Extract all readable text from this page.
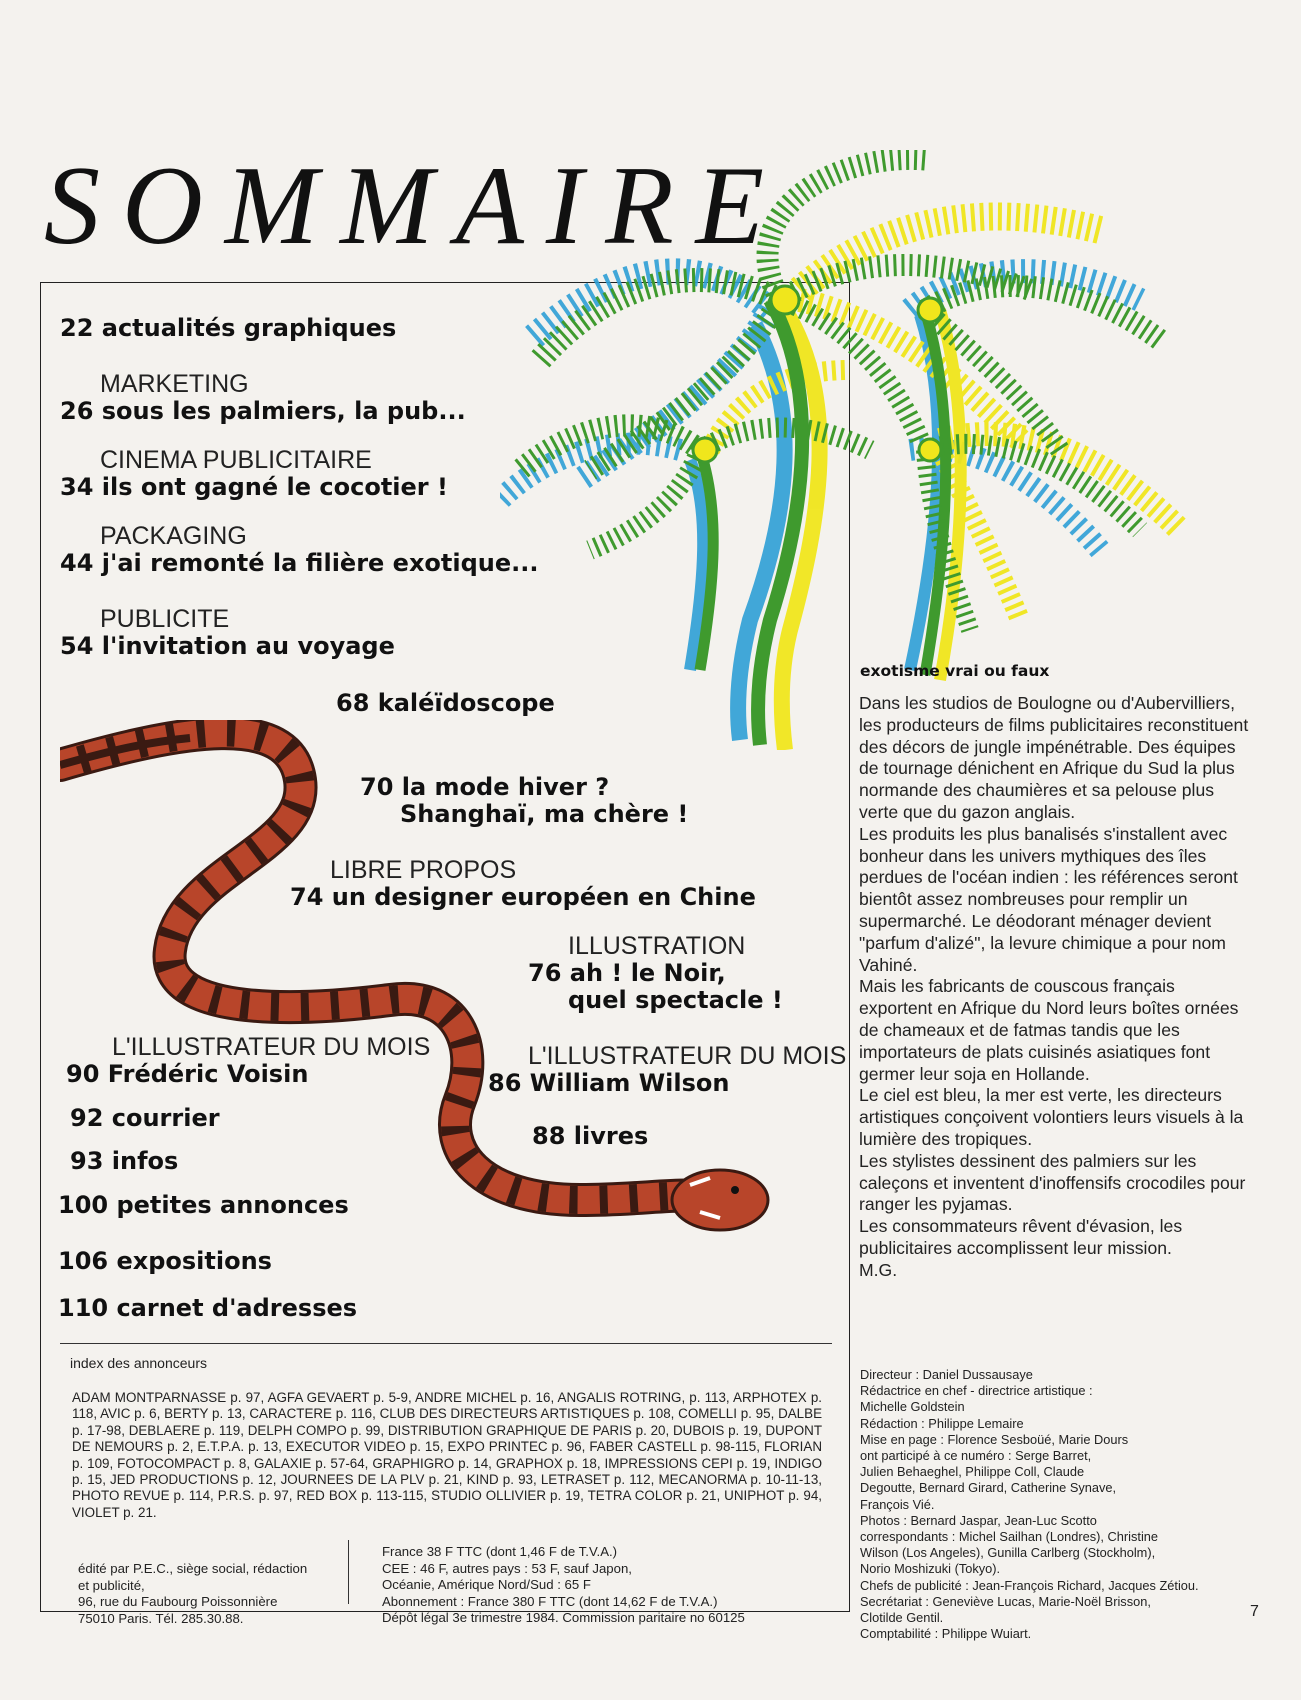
SOMMAIRE
22 actualités graphiques
MARKETING
26 sous les palmiers, la pub...
CINEMA PUBLICITAIRE
34 ils ont gagné le cocotier !
PACKAGING
44 j'ai remonté la filière exotique...
PUBLICITE
54 l'invitation au voyage
68 kaléïdoscope
70 la mode hiver ?
Shanghaï, ma chère !
LIBRE PROPOS
74 un designer européen en Chine
ILLUSTRATION
76 ah ! le Noir,
quel spectacle !
L'ILLUSTRATEUR DU MOIS
90 Frédéric Voisin
L'ILLUSTRATEUR DU MOIS
86 William Wilson
88 livres
92 courrier
93 infos
100 petites annonces
106 expositions
110 carnet d'adresses
exotisme vrai ou faux

Dans les studios de Boulogne ou d'Aubervilliers, les producteurs de films publicitaires reconstituent des décors de jungle impénétrable. Des équipes de tournage dénichent en Afrique du Sud la plus normande des chaumières et sa pelouse plus verte que du gazon anglais.

Les produits les plus banalisés s'installent avec bonheur dans les univers mythiques des îles perdues de l'océan indien : les références seront bientôt assez nombreuses pour remplir un supermarché. Le déodorant ménager devient "parfum d'alizé", la levure chimique a pour nom Vahiné.

Mais les fabricants de couscous français exportent en Afrique du Nord leurs boîtes ornées de chameaux et de fatmas tandis que les importateurs de plats cuisinés asiatiques font germer leur soja en Hollande.

Le ciel est bleu, la mer est verte, les directeurs artistiques conçoivent volontiers leurs visuels à la lumière des tropiques.

Les stylistes dessinent des palmiers sur les caleçons et inventent d'inoffensifs crocodiles pour ranger les pyjamas.

Les consommateurs rêvent d'évasion, les publicitaires accomplissent leur mission.

M.G.

index des annonceurs
ADAM MONTPARNASSE p. 97, AGFA GEVAERT p. 5-9, ANDRE MICHEL p. 16, ANGALIS ROTRING, p. 113, ARPHOTEX p. 118, AVIC p. 6, BERTY p. 13, CARACTERE p. 116, CLUB DES DIRECTEURS ARTISTIQUES p. 108, COMELLI p. 95, DALBE p. 17-98, DEBLAERE p. 119, DELPH COMPO p. 99, DISTRIBUTION GRAPHIQUE DE PARIS p. 20, DUBOIS p. 19, DUPONT DE NEMOURS p. 2, E.T.P.A. p. 13, EXECUTOR VIDEO p. 15, EXPO PRINTEC p. 96, FABER CASTELL p. 98-115, FLORIAN p. 109, FOTOCOMPACT p. 8, GALAXIE p. 57-64, GRAPHIGRO p. 14, GRAPHOX p. 18, IMPRESSIONS CEPI p. 19, INDIGO p. 15, JED PRODUCTIONS p. 12, JOURNEES DE LA PLV p. 21, KIND p. 93, LETRASET p. 112, MECANORMA p. 10-11-13, PHOTO REVUE p. 114, P.R.S. p. 97, RED BOX p. 113-115, STUDIO OLLIVIER p. 19, TETRA COLOR p. 21, UNIPHOT p. 94, VIOLET p. 21.

édité par P.E.C., siège social, rédaction

et publicité,

96, rue du Faubourg Poissonnière

75010 Paris. Tél. 285.30.88.

France 38 F TTC (dont 1,46 F de T.V.A.)

CEE : 46 F, autres pays : 53 F, sauf Japon,

Océanie, Amérique Nord/Sud : 65 F

Abonnement : France 380 F TTC (dont 14,62 F de T.V.A.)

Dépôt légal 3e trimestre 1984. Commission paritaire no 60125

Directeur : Daniel Dussausaye

Rédactrice en chef - directrice artistique :

Michelle Goldstein

Rédaction : Philippe Lemaire

Mise en page : Florence Sesboüé, Marie Dours

ont participé à ce numéro : Serge Barret,

Julien Behaeghel, Philippe Coll, Claude

Degoutte, Bernard Girard, Catherine Synave,

François Vié.

Photos : Bernard Jaspar, Jean-Luc Scotto

correspondants : Michel Sailhan (Londres), Christine

Wilson (Los Angeles), Gunilla Carlberg (Stockholm),

Norio Moshizuki (Tokyo).

Chefs de publicité : Jean-François Richard, Jacques Zétiou.

Secrétariat : Geneviève Lucas, Marie-Noël Brisson,

Clotilde Gentil.

Comptabilité : Philippe Wuiart.

7
